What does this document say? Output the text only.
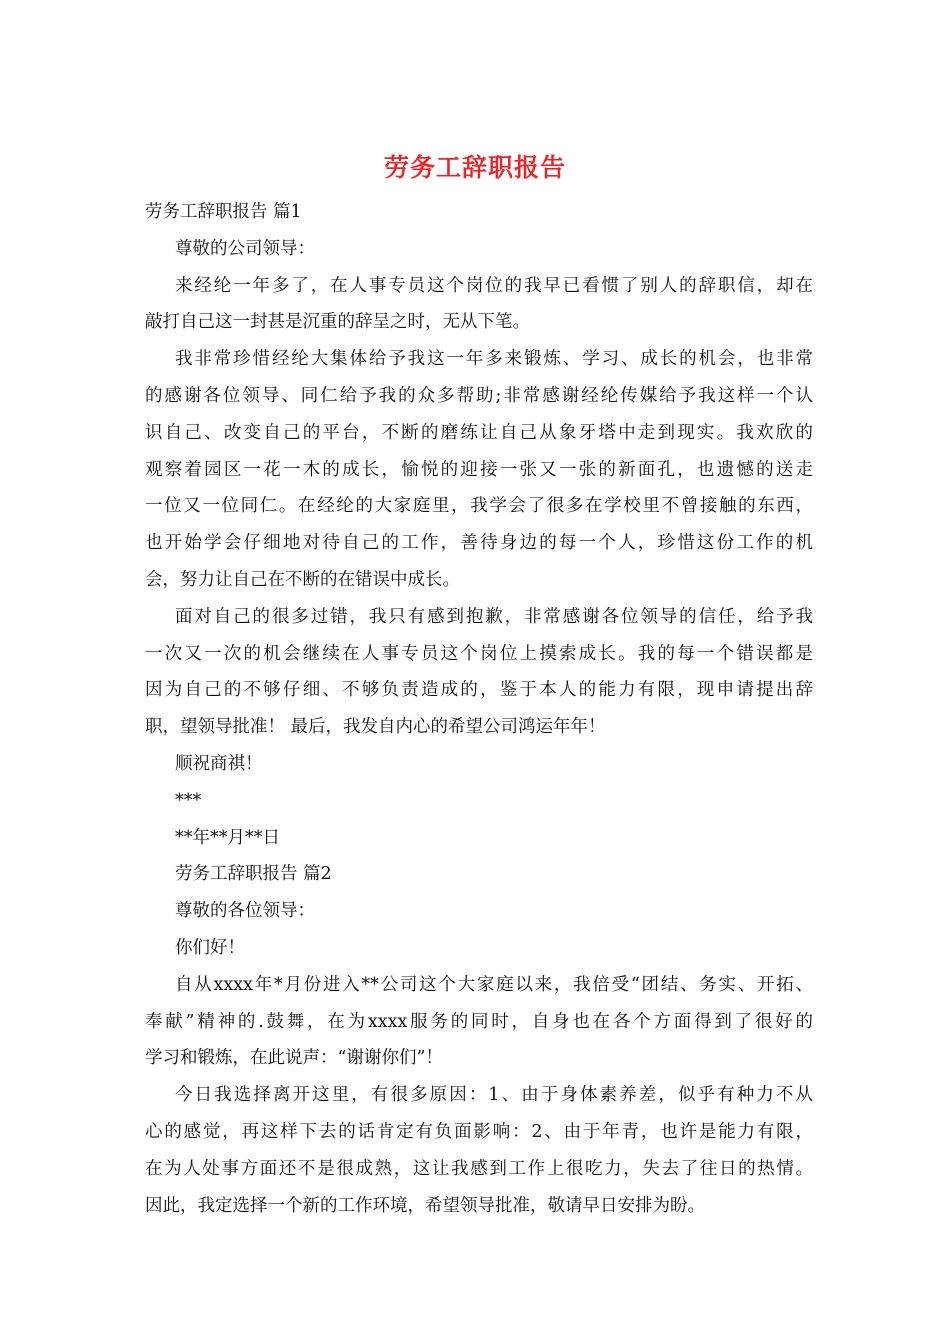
劳务工辞职报告
劳务工辞职报告 篇1
尊敬的公司领导：
来经纶一年多了，在人事专员这个岗位的我早已看惯了别人的辞职信，却在
敲打自己这一封甚是沉重的辞呈之时，无从下笔。
我非常珍惜经纶大集体给予我这一年多来锻炼、学习、成长的机会，也非常
的感谢各位领导、同仁给予我的众多帮助;非常感谢经纶传媒给予我这样一个认
识自己、改变自己的平台，不断的磨练让自己从象牙塔中走到现实。我欢欣的
观察着园区一花一木的成长，愉悦的迎接一张又一张的新面孔，也遗憾的送走
一位又一位同仁。在经纶的大家庭里，我学会了很多在学校里不曾接触的东西，
也开始学会仔细地对待自己的工作，善待身边的每一个人，珍惜这份工作的机
会，努力让自己在不断的在错误中成长。
面对自己的很多过错，我只有感到抱歉，非常感谢各位领导的信任，给予我
一次又一次的机会继续在人事专员这个岗位上摸索成长。我的每一个错误都是
因为自己的不够仔细、不够负责造成的，鉴于本人的能力有限，现申请提出辞
职，望领导批准！ 最后，我发自内心的希望公司鸿运年年！
顺祝商祺！
***
**年**月**日
劳务工辞职报告 篇2
尊敬的各位领导：
你们好！
自从xxxx年*月份进入**公司这个大家庭以来，我倍受“团结、务实、开拓、
奉献”精神的.鼓舞，在为xxxx服务的同时，自身也在各个方面得到了很好的
学习和锻炼，在此说声：“谢谢你们”！
今日我选择离开这里，有很多原因：1、由于身体素养差，似乎有种力不从
心的感觉，再这样下去的话肯定有负面影响：2、由于年青，也许是能力有限，
在为人处事方面还不是很成熟，这让我感到工作上很吃力，失去了往日的热情。
因此，我定选择一个新的工作环境，希望领导批准，敬请早日安排为盼。
